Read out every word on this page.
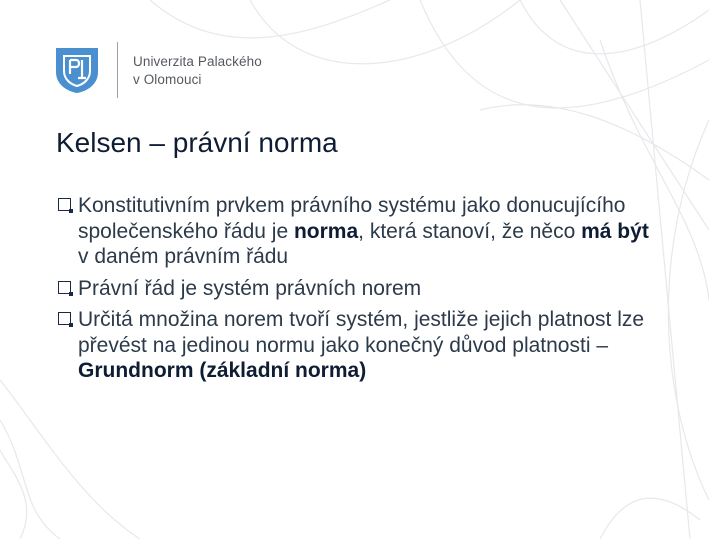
Univerzita Palackého
v Olomouci
Kelsen – právní norma
Konstitutivním prvkem právního systému jako donucujícího společenského řádu je norma, která stanoví, že něco má být v daném právním řádu
Právní řád je systém právních norem
Určitá množina norem tvoří systém, jestliže jejich platnost lze převést na jedinou normu jako konečný důvod platnosti – Grundnorm (základní norma)
